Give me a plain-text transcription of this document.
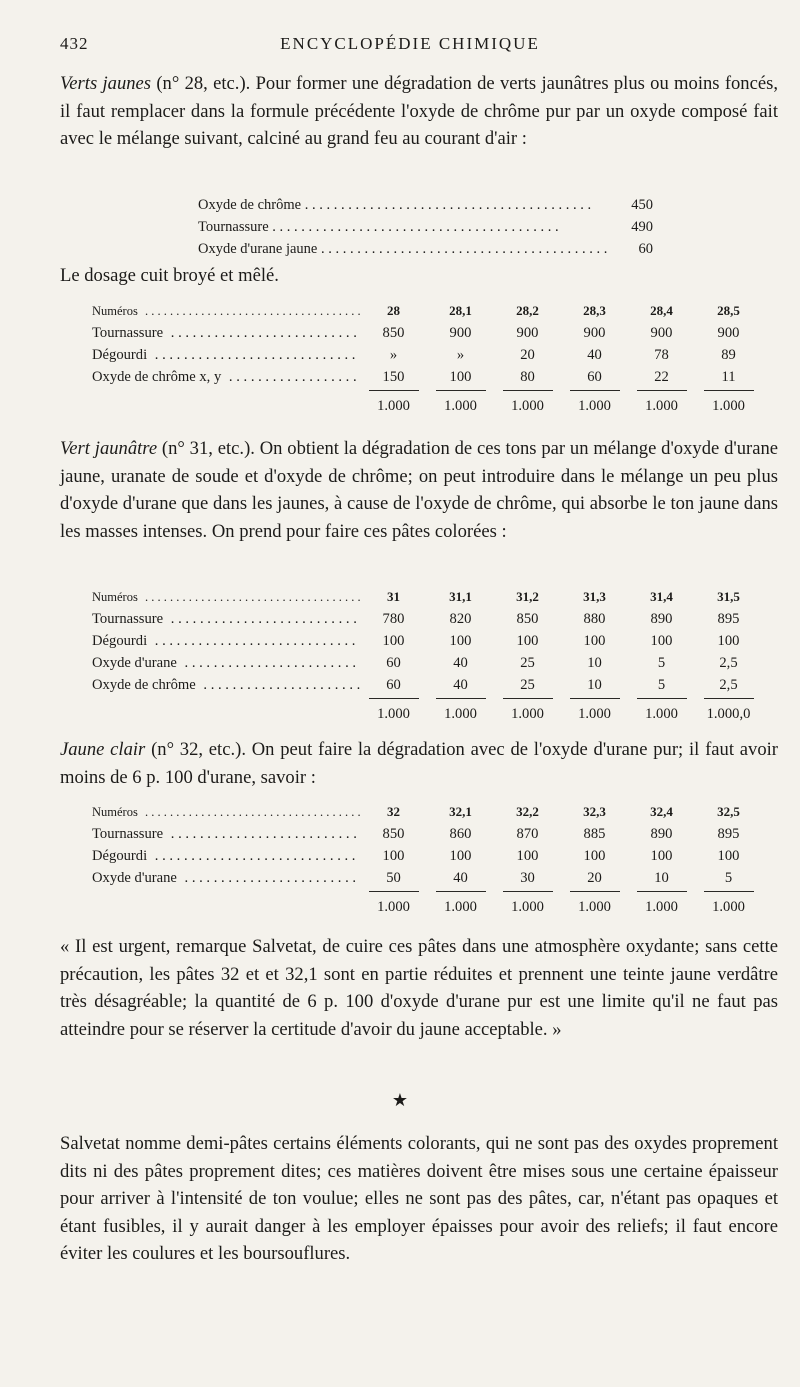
432	ENCYCLOPÉDIE CHIMIQUE

Verts jaunes (n° 28, etc.). Pour former une dégradation de verts jaunâtres plus ou moins foncés, il faut remplacer dans la formule précédente l'oxyde de chrôme pur par un oxyde composé fait avec le mélange suivant, calciné au grand feu au courant d'air :

Oxyde de chrôme . . .	450
Tournassure . . .	490
Oxyde d'urane jaune . . .	60

Le dosage cuit broyé et mêlé.

Numéros . . .	28	28,1	28,2	28,3	28,4	28,5
Tournassure . . .	850	900	900	900	900	900
Dégourdi . . .	»	»	20	40	78	89
Oxyde de chrôme x, y . . .	150	100	80	60	22	11
1.000	1.000	1.000	1.000	1.000	1.000

Vert jaunâtre (n° 31, etc.). On obtient la dégradation de ces tons par un mélange d'oxyde d'urane jaune, uranate de soude et d'oxyde de chrôme; on peut introduire dans le mélange un peu plus d'oxyde d'urane que dans les jaunes, à cause de l'oxyde de chrôme, qui absorbe le ton jaune dans les masses intenses. On prend pour faire ces pâtes colorées :

Numéros . . .	31	31,1	31,2	31,3	31,4	31,5
Tournassure . . .	780	820	850	880	890	895
Dégourdi . . .	100	100	100	100	100	100
Oxyde d'urane . . .	60	40	25	10	5	2,5
Oxyde de chrôme . . .	60	40	25	10	5	2,5
1.000	1.000	1.000	1.000	1.000	1.000,0

Jaune clair (n° 32, etc.). On peut faire la dégradation avec de l'oxyde d'urane pur; il faut avoir moins de 6 p. 100 d'urane, savoir :

Numéros . . .	32	32,1	32,2	32,3	32,4	32,5
Tournassure . . .	850	860	870	885	890	895
Dégourdi . . .	100	100	100	100	100	100
Oxyde d'urane . . .	50	40	30	20	10	5
1.000	1.000	1.000	1.000	1.000	1.000

« Il est urgent, remarque Salvetat, de cuire ces pâtes dans une atmosphère oxydante; sans cette précaution, les pâtes 32 et et 32,1 sont en partie réduites et prennent une teinte jaune verdâtre très désagréable; la quantité de 6 p. 100 d'oxyde d'urane pur est une limite qu'il ne faut pas atteindre pour se réserver la certitude d'avoir du jaune acceptable. »

★

Salvetat nomme demi-pâtes certains éléments colorants, qui ne sont pas des oxydes proprement dits ni des pâtes proprement dites; ces matières doivent être mises sous une certaine épaisseur pour arriver à l'intensité de ton voulue; elles ne sont pas des pâtes, car, n'étant pas opaques et étant fusibles, il y aurait danger à les employer épaisses pour avoir des reliefs; il faut encore éviter les coulures et les boursouflures.
